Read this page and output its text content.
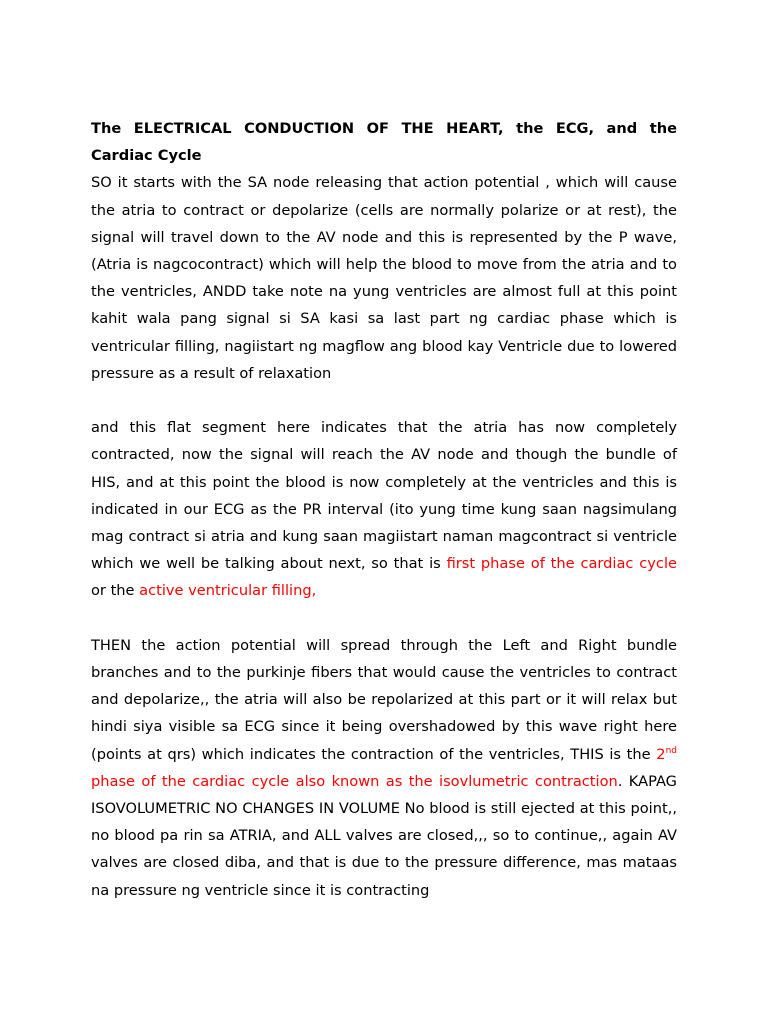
The ELECTRICAL CONDUCTION OF THE HEART, the ECG, and the Cardiac Cycle

SO it starts with the SA node releasing that action potential , which will cause the atria to contract or depolarize (cells are normally polarize or at rest), the signal will travel down to the AV node and this is represented by the P wave, (Atria is nagcocontract) which will help the blood to move from the atria and to the ventricles, ANDD take note na yung ventricles are almost full at this point kahit wala pang signal si SA kasi sa last part ng cardiac phase which is ventricular filling, nagiistart ng magflow ang blood kay Ventricle due to lowered pressure as a result of relaxation

and this flat segment here indicates that the atria has now completely contracted, now the signal will reach the AV node and though the bundle of HIS, and at this point the blood is now completely at the ventricles and this is indicated in our ECG as the PR interval (ito yung time kung saan nagsimulang mag contract si atria and kung saan magiistart naman magcontract si ventricle which we well be talking about next, so that is first phase of the cardiac cycle or the active ventricular filling,

THEN the action potential will spread through the Left and Right bundle branches and to the purkinje fibers that would cause the ventricles to contract and depolarize,, the atria will also be repolarized at this part or it will relax but hindi siya visible sa ECG since it being overshadowed by this wave right here (points at qrs) which indicates the contraction of the ventricles, THIS is the 2nd phase of the cardiac cycle also known as the isovlumetric contraction. KAPAG ISOVOLUMETRIC NO CHANGES IN VOLUME No blood is still ejected at this point,, no blood pa rin sa ATRIA, and ALL valves are closed,,, so to continue,, again AV valves are closed diba, and that is due to the pressure difference, mas mataas na pressure ng ventricle since it is contracting
